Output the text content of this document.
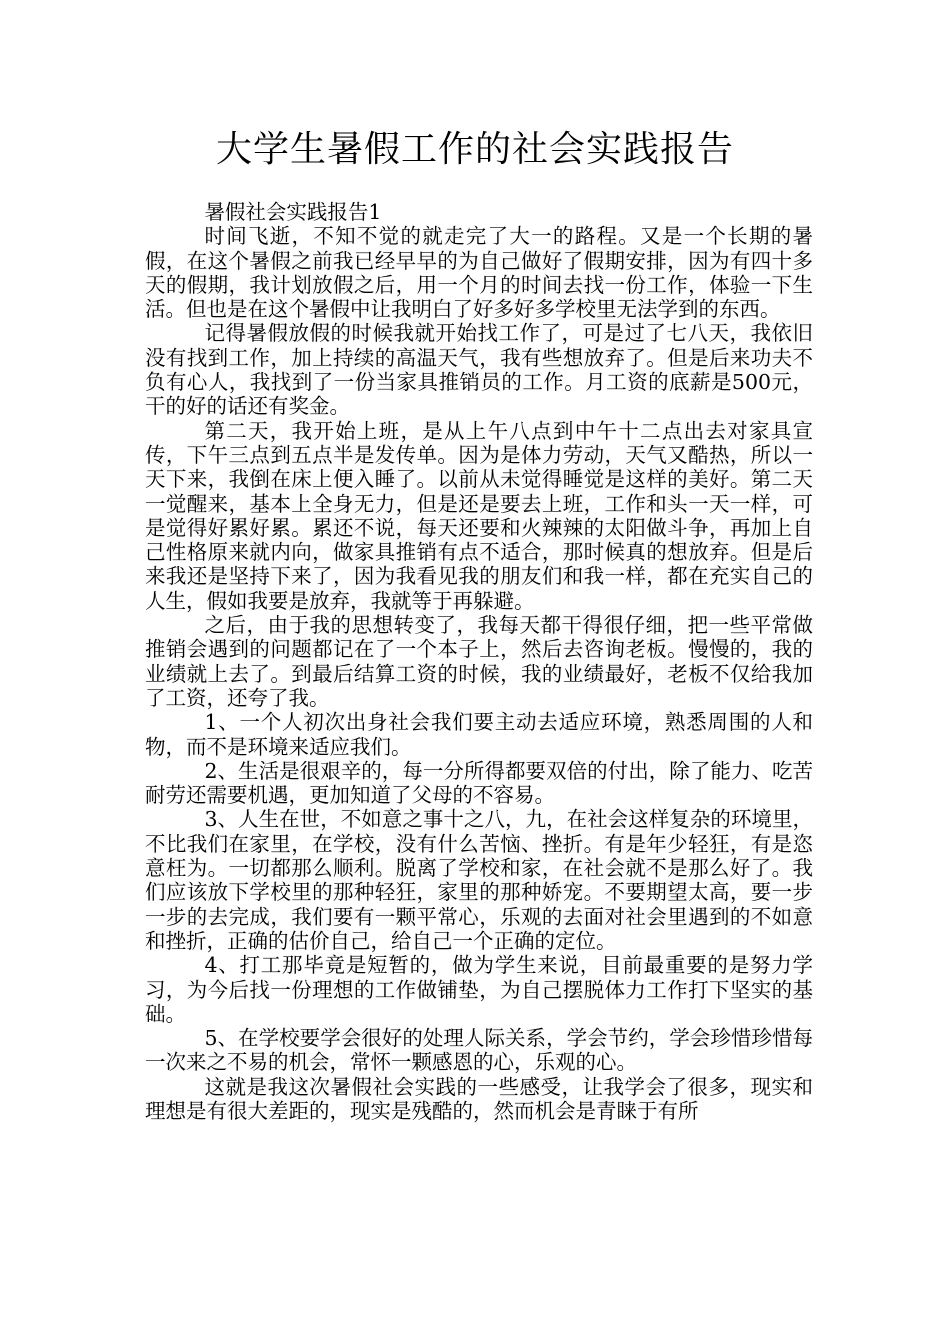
大学生暑假工作的社会实践报告

暑假社会实践报告1

时间飞逝，不知不觉的就走完了大一的路程。又是一个长期的暑假，在这个暑假之前我已经早早的为自己做好了假期安排，因为有四十多天的假期，我计划放假之后，用一个月的时间去找一份工作，体验一下生活。但也是在这个暑假中让我明白了好多好多学校里无法学到的东西。

记得暑假放假的时候我就开始找工作了，可是过了七八天，我依旧没有找到工作，加上持续的高温天气，我有些想放弃了。但是后来功夫不负有心人，我找到了一份当家具推销员的工作。月工资的底薪是500元，干的好的话还有奖金。

第二天，我开始上班，是从上午八点到中午十二点出去对家具宣传，下午三点到五点半是发传单。因为是体力劳动，天气又酷热，所以一天下来，我倒在床上便入睡了。以前从未觉得睡觉是这样的美好。第二天一觉醒来，基本上全身无力，但是还是要去上班，工作和头一天一样，可是觉得好累好累。累还不说，每天还要和火辣辣的太阳做斗争，再加上自己性格原来就内向，做家具推销有点不适合，那时候真的想放弃。但是后来我还是坚持下来了，因为我看见我的朋友们和我一样，都在充实自己的人生，假如我要是放弃，我就等于再躲避。

之后，由于我的思想转变了，我每天都干得很仔细，把一些平常做推销会遇到的问题都记在了一个本子上，然后去咨询老板。慢慢的，我的业绩就上去了。到最后结算工资的时候，我的业绩最好，老板不仅给我加了工资，还夸了我。

1、一个人初次出身社会我们要主动去适应环境，熟悉周围的人和物，而不是环境来适应我们。

2、生活是很艰辛的，每一分所得都要双倍的付出，除了能力、吃苦耐劳还需要机遇，更加知道了父母的不容易。

3、人生在世，不如意之事十之八，九，在社会这样复杂的环境里，不比我们在家里，在学校，没有什么苦恼、挫折。有是年少轻狂，有是恣意枉为。一切都那么顺利。脱离了学校和家，在社会就不是那么好了。我们应该放下学校里的那种轻狂，家里的那种娇宠。不要期望太高，要一步一步的去完成，我们要有一颗平常心，乐观的去面对社会里遇到的不如意和挫折，正确的估价自己，给自己一个正确的定位。

4、打工那毕竟是短暂的，做为学生来说，目前最重要的是努力学习，为今后找一份理想的工作做铺垫，为自己摆脱体力工作打下坚实的基础。

5、在学校要学会很好的处理人际关系，学会节约，学会珍惜珍惜每一次来之不易的机会，常怀一颗感恩的心，乐观的心。

这就是我这次暑假社会实践的一些感受，让我学会了很多，现实和理想是有很大差距的，现实是残酷的，然而机会是青睐于有所
